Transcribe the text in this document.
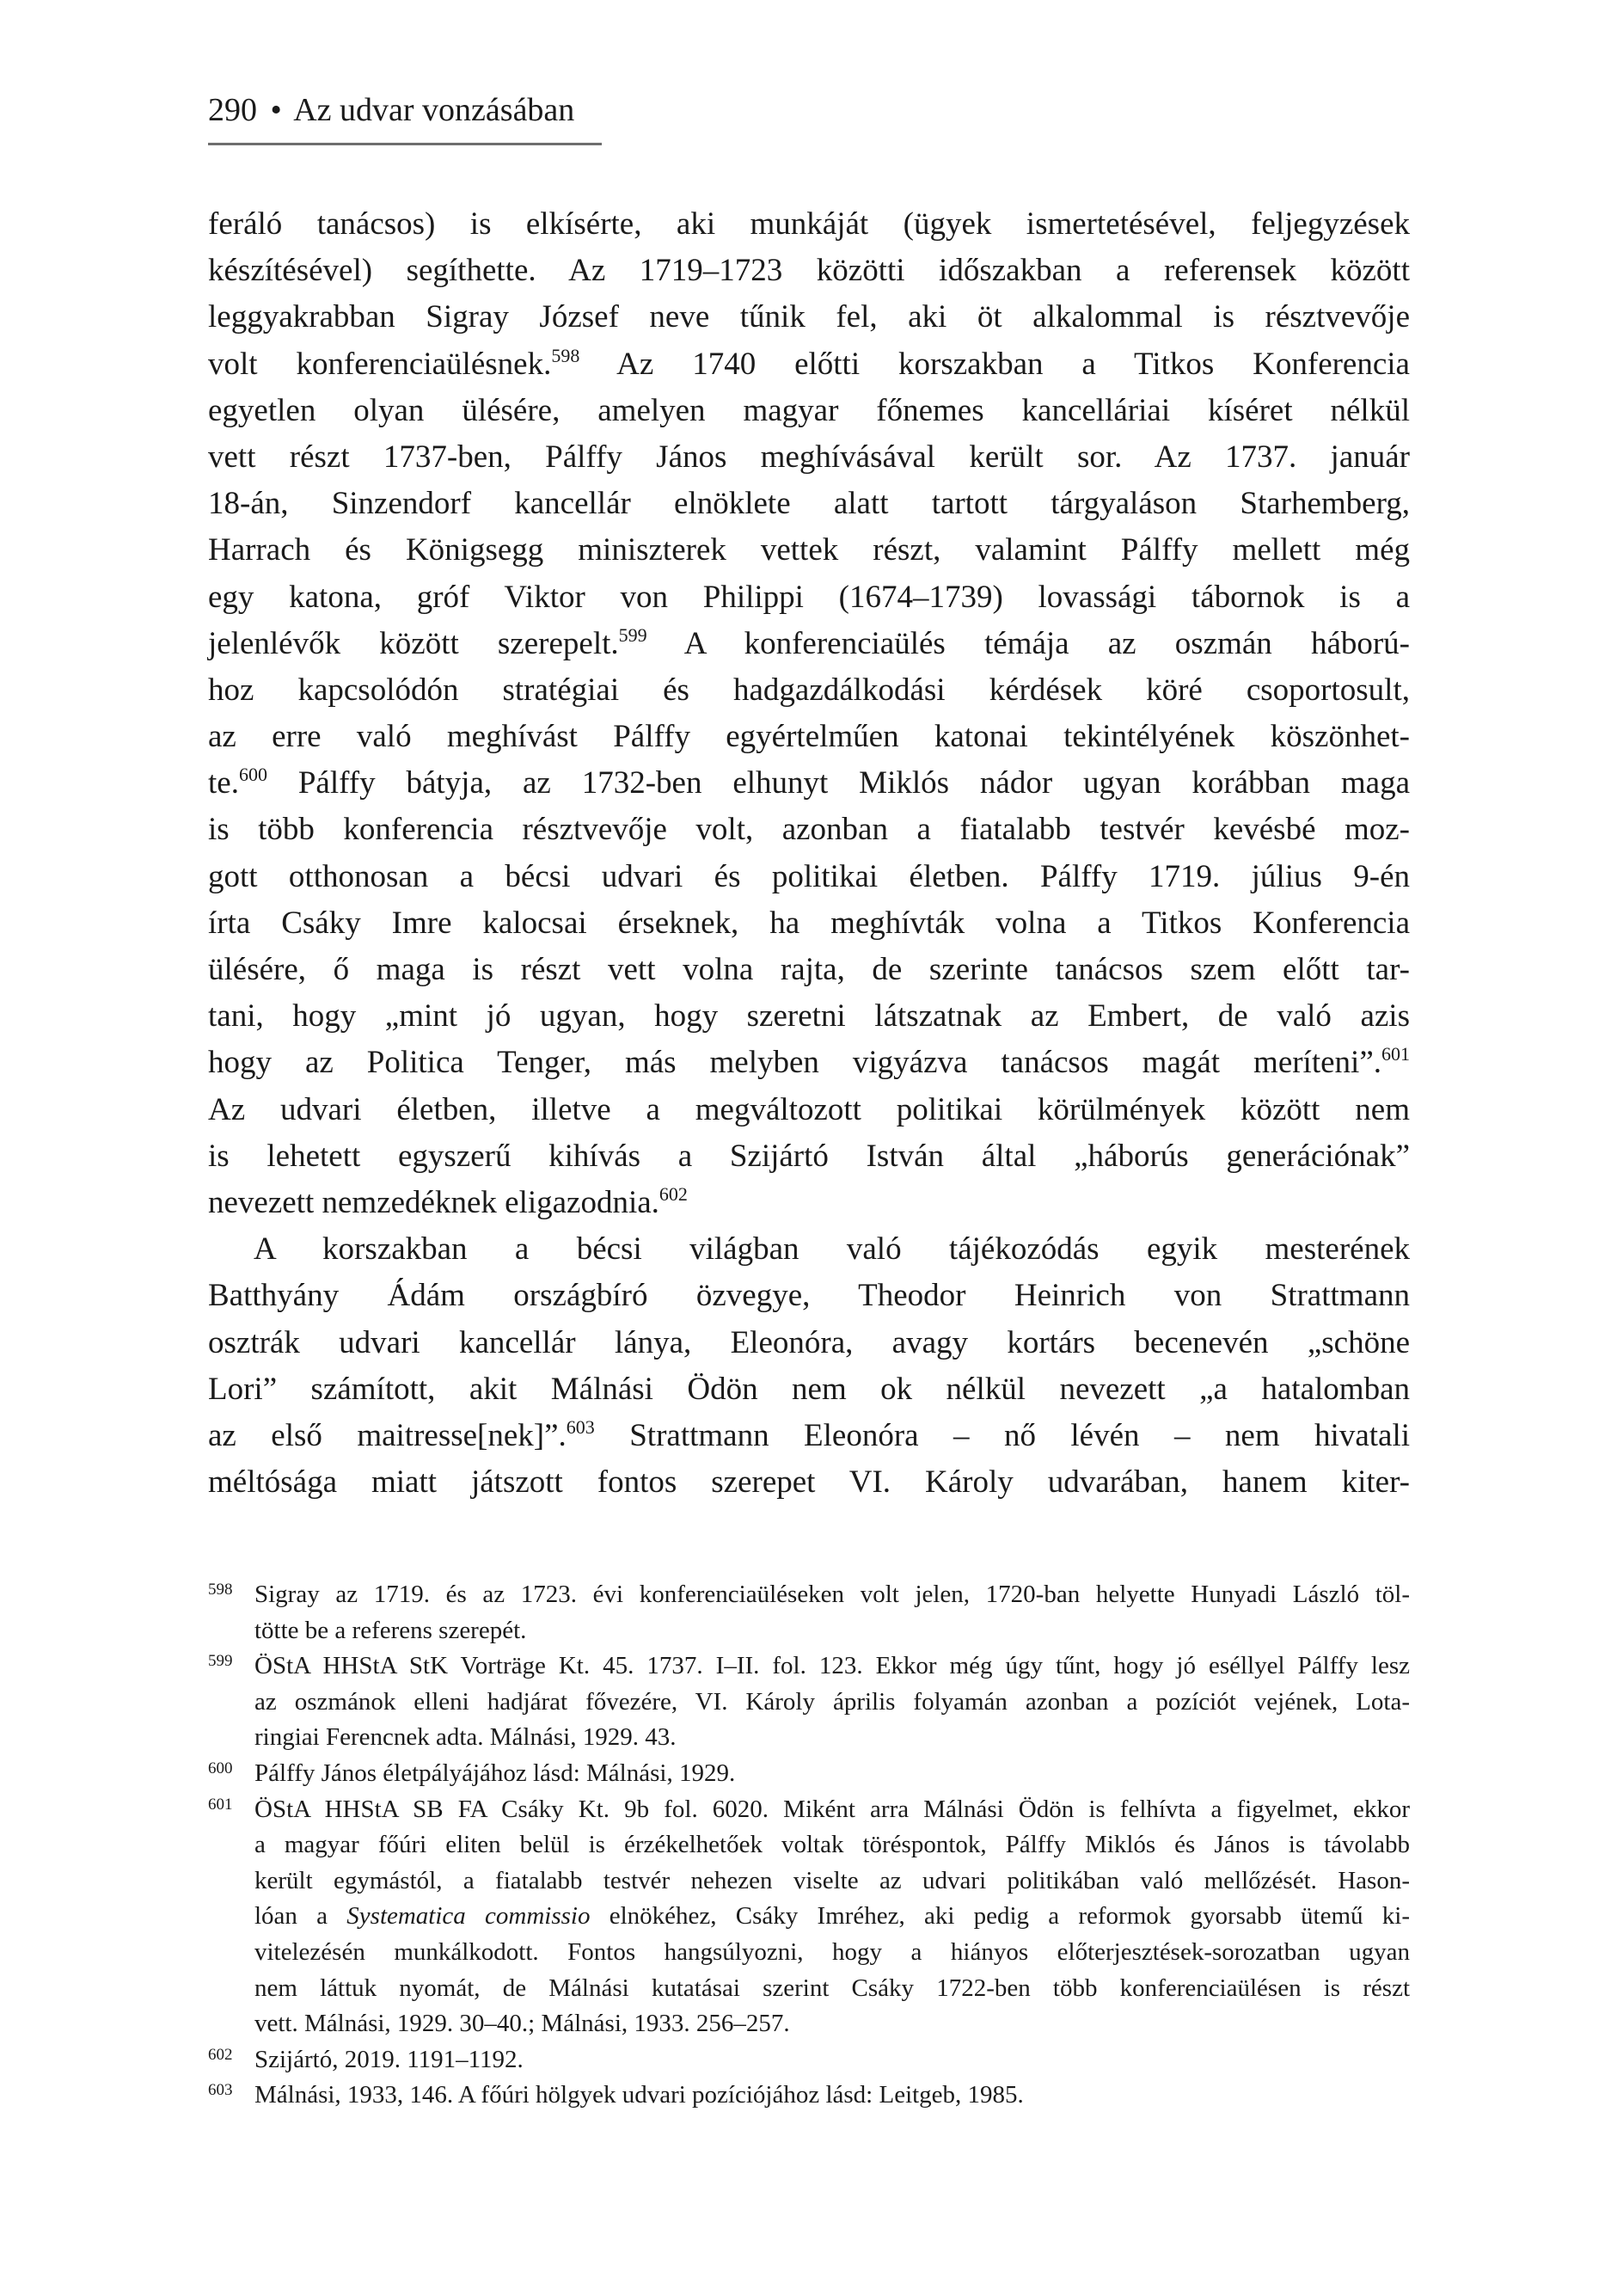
290 • Az udvar vonzásában
feráló tanácsos) is elkísérte, aki munkáját (ügyek ismertetésével, feljegyzések
készítésével) segíthette. Az 1719–1723 közötti időszakban a referensek között
leggyakrabban Sigray József neve tűnik fel, aki öt alkalommal is résztvevője
volt konferenciaülésnek.$^{598}$ Az 1740 előtti korszakban a Titkos Konferencia
egyetlen olyan ülésére, amelyen magyar főnemes kancelláriai kíséret nélkül
vett részt 1737-ben, Pálffy János meghívásával került sor. Az 1737. január
18-án, Sinzendorf kancellár elnöklete alatt tartott tárgyaláson Starhemberg,
Harrach és Königsegg miniszterek vettek részt, valamint Pálffy mellett még
egy katona, gróf Viktor von Philippi (1674–1739) lovassági tábornok is a
jelenlévők között szerepelt.$^{599}$ A konferenciaülés témája az oszmán háború-
hoz kapcsolódón stratégiai és hadgazdálkodási kérdések köré csoportosult,
az erre való meghívást Pálffy egyértelműen katonai tekintélyének köszönhet-
te.$^{600}$ Pálffy bátyja, az 1732-ben elhunyt Miklós nádor ugyan korábban maga
is több konferencia résztvevője volt, azonban a fiatalabb testvér kevésbé moz-
gott otthonosan a bécsi udvari és politikai életben. Pálffy 1719. július 9-én
írta Csáky Imre kalocsai érseknek, ha meghívták volna a Titkos Konferencia
ülésére, ő maga is részt vett volna rajta, de szerinte tanácsos szem előtt tar-
tani, hogy „mint jó ugyan, hogy szeretni látszatnak az Embert, de való azis
hogy az Politica Tenger, más melyben vigyázva tanácsos magát meríteni”.$^{601}$
Az udvari életben, illetve a megváltozott politikai körülmények között nem
is lehetett egyszerű kihívás a Szijártó István által „háborús generációnak”
nevezett nemzedéknek eligazodnia.$^{602}$
A korszakban a bécsi világban való tájékozódás egyik mesterének
Batthyány Ádám országbíró özvegye, Theodor Heinrich von Strattmann
osztrák udvari kancellár lánya, Eleonóra, avagy kortárs becenevén „schöne
Lori” számított, akit Málnási Ödön nem ok nélkül nevezett „a hatalomban
az első maitresse[nek]”.$^{603}$ Strattmann Eleonóra – nő lévén – nem hivatali
méltósága miatt játszott fontos szerepet VI. Károly udvarában, hanem kiter-
598 Sigray az 1719. és az 1723. évi konferenciaüléseken volt jelen, 1720-ban helyette Hunyadi László töl-
tötte be a referens szerepét.
599 ÖStA HHStA StK Vorträge Kt. 45. 1737. I–II. fol. 123. Ekkor még úgy tűnt, hogy jó eséllyel Pálffy lesz
az oszmánok elleni hadjárat fővezére, VI. Károly április folyamán azonban a pozíciót vejének, Lota-
ringiai Ferencnek adta. Málnási, 1929. 43.
600 Pálffy János életpályájához lásd: Málnási, 1929.
601 ÖStA HHStA SB FA Csáky Kt. 9b fol. 6020. Miként arra Málnási Ödön is felhívta a figyelmet, ekkor
a magyar főúri eliten belül is érzékelhetőek voltak töréspontok, Pálffy Miklós és János is távolabb
került egymástól, a fiatalabb testvér nehezen viselte az udvari politikában való mellőzését. Hason-
lóan a Systematica commissio elnökéhez, Csáky Imréhez, aki pedig a reformok gyorsabb ütemű ki-
vitelezésén munkálkodott. Fontos hangsúlyozni, hogy a hiányos előterjesztések-sorozatban ugyan
nem láttuk nyomát, de Málnási kutatásai szerint Csáky 1722-ben több konferenciaülésen is részt
vett. Málnási, 1929. 30–40.; Málnási, 1933. 256–257.
602 Szijártó, 2019. 1191–1192.
603 Málnási, 1933, 146. A főúri hölgyek udvari pozíciójához lásd: Leitgeb, 1985.
